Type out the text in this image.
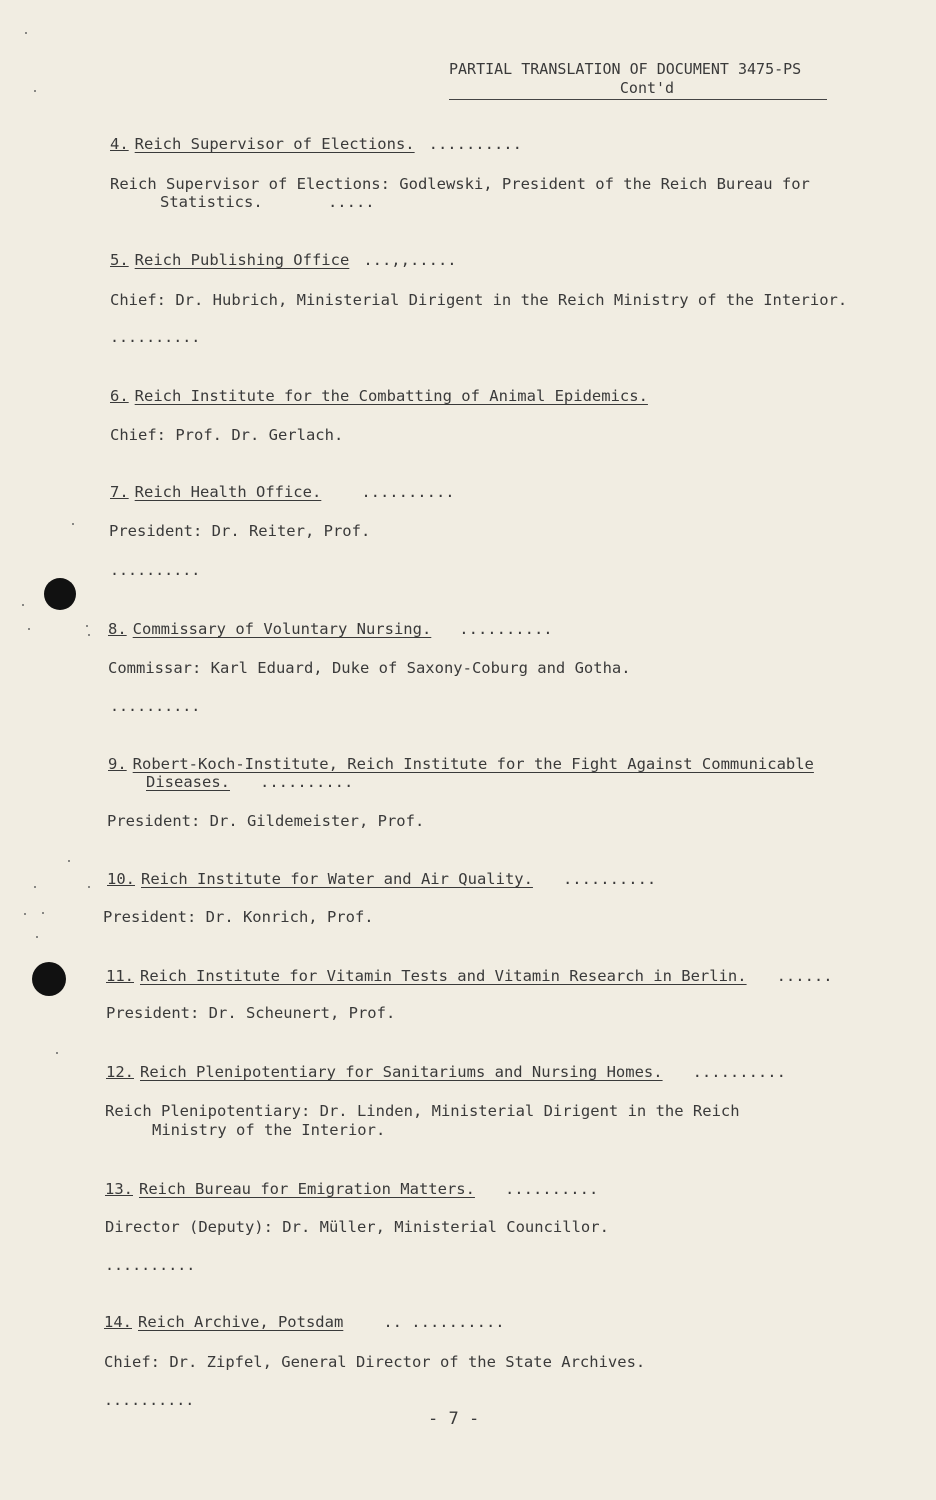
PARTIAL TRANSLATION OF DOCUMENT 3475-PS
Cont'd
4. Reich Supervisor of Elections. ..........
Reich Supervisor of Elections: Godlewski, President of the Reich Bureau for
Statistics.       .....
5. Reich Publishing Office ...,,.....
Chief: Dr. Hubrich, Ministerial Dirigent in the Reich Ministry of the Interior.
..........
6. Reich Institute for the Combatting of Animal Epidemics.
Chief: Prof. Dr. Gerlach.
7. Reich Health Office.	..........
President: Dr. Reiter, Prof.
..........
8. Commissary of Voluntary Nursing. ..........
Commissar: Karl Eduard, Duke of Saxony-Coburg and Gotha.
..........
9. Robert-Koch-Institute, Reich Institute for the Fight Against Communicable
Diseases. ..........
President: Dr. Gildemeister, Prof.
10. Reich Institute for Water and Air Quality. ..........
President: Dr. Konrich, Prof.
11. Reich Institute for Vitamin Tests and Vitamin Research in Berlin. ......
President: Dr. Scheunert, Prof.
12. Reich Plenipotentiary for Sanitariums and Nursing Homes. ..........
Reich Plenipotentiary: Dr. Linden, Ministerial Dirigent in the Reich
Ministry of the Interior.
13. Reich Bureau for Emigration Matters. ..........
Director (Deputy): Dr. Müller, Ministerial Councillor.
..........
14. Reich Archive, Potsdam	.. ..........
Chief: Dr. Zipfel, General Director of the State Archives.
..........
- 7 -
